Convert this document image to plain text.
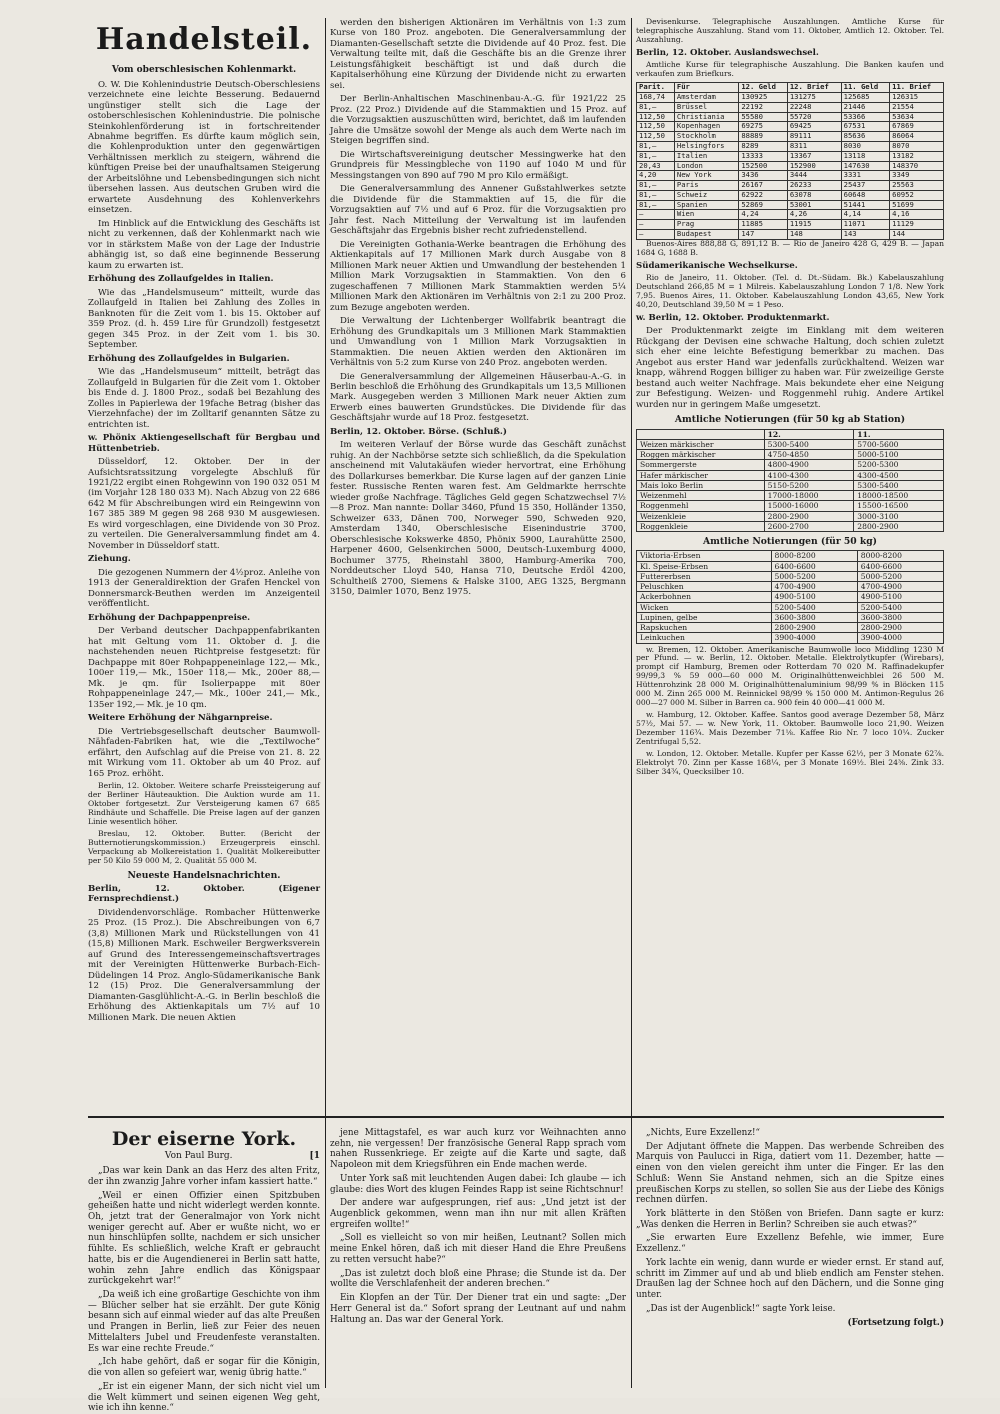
Handelsteil.
Vom oberschlesischen Kohlenmarkt.

O. W. Die Kohlenindustrie Deutsch-Oberschlesiens verzeichnete eine leichte Besserung. Bedauernd ungünstiger stellt sich die Lage der ostoberschlesischen Kohlenindustrie. Die polnische Steinkohlenförderung ist in fortschreitender Abnahme begriffen. Es dürfte kaum möglich sein, die Kohlenproduktion unter den gegenwärtigen Verhältnissen merklich zu steigern, während die künftigen Preise bei der unaufhaltsamen Steigerung der Arbeitslöhne und Lebensbedingungen sich nicht übersehen lassen. Aus deutschen Gruben wird die erwartete Ausdehnung des Kohlenverkehrs einsetzen.

Im Hinblick auf die Entwicklung des Geschäfts ist nicht zu verkennen, daß der Kohlenmarkt nach wie vor in stärkstem Maße von der Lage der Industrie abhängig ist, so daß eine beginnende Besserung kaum zu erwarten ist.

Erhöhung des Zollaufgeldes in Italien.

Wie das „Handelsmuseum“ mitteilt, wurde das Zollaufgeld in Italien bei Zahlung des Zolles in Banknoten für die Zeit vom 1. bis 15. Oktober auf 359 Proz. (d. h. 459 Lire für Grundzoll) festgesetzt gegen 345 Proz. in der Zeit vom 1. bis 30. September.

Erhöhung des Zollaufgeldes in Bulgarien.

Wie das „Handelsmuseum“ mitteilt, beträgt das Zollaufgeld in Bulgarien für die Zeit vom 1. Oktober bis Ende d. J. 1800 Proz., sodaß bei Bezahlung des Zolles in Papierlewa der 19fache Betrag (bisher das Vierzehnfache) der im Zolltarif genannten Sätze zu entrichten ist.

w. Phönix Aktiengesellschaft für Bergbau und Hüttenbetrieb.

Düsseldorf, 12. Oktober. Der in der Aufsichtsratssitzung vorgelegte Abschluß für 1921/22 ergibt einen Rohgewinn von 190 032 051 M (im Vorjahr 128 180 033 M). Nach Abzug von 22 686 642 M für Abschreibungen wird ein Reingewinn von 167 385 389 M gegen 98 268 930 M ausgewiesen. Es wird vorgeschlagen, eine Dividende von 30 Proz. zu verteilen. Die Generalversammlung findet am 4. November in Düsseldorf statt.

Ziehung.

Die gezogenen Nummern der 4½proz. Anleihe von 1913 der Generaldirektion der Grafen Henckel von Donnersmarck-Beuthen werden im Anzeigenteil veröffentlicht.

Erhöhung der Dachpappenpreise.

Der Verband deutscher Dachpappenfabrikanten hat mit Geltung vom 11. Oktober d. J. die nachstehenden neuen Richtpreise festgesetzt: für Dachpappe mit 80er Rohpappeneinlage 122,— Mk., 100er 119,— Mk., 150er 118,— Mk., 200er 88,— Mk. je qm. für Isolierpappe mit 80er Rohpappeneinlage 247,— Mk., 100er 241,— Mk., 135er 192,— Mk. je 10 qm.

Weitere Erhöhung der Nähgarnpreise.

Die Vertriebsgesellschaft deutscher Baumwoll-Nähfaden-Fabriken hat, wie die „Textilwoche“ erfährt, den Aufschlag auf die Preise von 21. 8. 22 mit Wirkung vom 11. Oktober ab um 40 Proz. auf 165 Proz. erhöht.

Berlin, 12. Oktober. Weitere scharfe Preissteigerung auf der Berliner Häuteauktion. Die Auktion wurde am 11. Oktober fortgesetzt. Zur Versteigerung kamen 67 685 Rindhäute und Schaffelle. Die Preise lagen auf der ganzen Linie wesentlich höher.

Breslau, 12. Oktober. Butter. (Bericht der Butternotierungskommission.) Erzeugerpreis einschl. Verpackung ab Molkereistation 1. Qualität Molkereibutter per 50 Kilo 59 000 M, 2. Qualität 55 000 M.

Neueste Handelsnachrichten.

Berlin, 12. Oktober. (Eigener Fernsprechdienst.)

Dividendenvorschläge. Rombacher Hüttenwerke 25 Proz. (15 Proz.). Die Abschreibungen von 6,7 (3,8) Millionen Mark und Rückstellungen von 41 (15,8) Millionen Mark. Eschweiler Bergwerksverein auf Grund des Interessengemeinschaftsvertrages mit der Vereinigten Hüttenwerke Burbach-Eich-Düdelingen 14 Proz. Anglo-Südamerikanische Bank 12 (15) Proz. Die Generalversammlung der Diamanten-Gasglühlicht-A.-G. in Berlin beschloß die Erhöhung des Aktienkapitals um 7½ auf 10 Millionen Mark. Die neuen Aktien

werden den bisherigen Aktionären im Verhältnis von 1:3 zum Kurse von 180 Proz. angeboten. Die Generalversammlung der Diamanten-Gesellschaft setzte die Dividende auf 40 Proz. fest. Die Verwaltung teilte mit, daß die Geschäfte bis an die Grenze ihrer Leistungsfähigkeit beschäftigt ist und daß durch die Kapitalserhöhung eine Kürzung der Dividende nicht zu erwarten sei.

Der Berlin-Anhaltischen Maschinenbau-A.-G. für 1921/22 25 Proz. (22 Proz.) Dividende auf die Stammaktien und 15 Proz. auf die Vorzugsaktien auszuschütten wird, berichtet, daß im laufenden Jahre die Umsätze sowohl der Menge als auch dem Werte nach im Steigen begriffen sind.

Die Wirtschaftsvereinigung deutscher Messingwerke hat den Grundpreis für Messingbleche von 1190 auf 1040 M und für Messingstangen von 890 auf 790 M pro Kilo ermäßigt.

Die Generalversammlung des Annener Gußstahlwerkes setzte die Dividende für die Stammaktien auf 15, die für die Vorzugsaktien auf 7½ und auf 6 Proz. für die Vorzugsaktien pro Jahr fest. Nach Mitteilung der Verwaltung ist im laufenden Geschäftsjahr das Ergebnis bisher recht zufriedenstellend.

Die Vereinigten Gothania-Werke beantragen die Erhöhung des Aktienkapitals auf 17 Millionen Mark durch Ausgabe von 8 Millionen Mark neuer Aktien und Umwandlung der bestehenden 1 Million Mark Vorzugsaktien in Stammaktien. Von den 6 zugeschaffenen 7 Millionen Mark Stammaktien werden 5¼ Millionen Mark den Aktionären im Verhältnis von 2:1 zu 200 Proz. zum Bezuge angeboten werden.

Die Verwaltung der Lichtenberger Wollfabrik beantragt die Erhöhung des Grundkapitals um 3 Millionen Mark Stammaktien und Umwandlung von 1 Million Mark Vorzugsaktien in Stammaktien. Die neuen Aktien werden den Aktionären im Verhältnis von 5:2 zum Kurse von 240 Proz. angeboten werden.

Die Generalversammlung der Allgemeinen Häuserbau-A.-G. in Berlin beschloß die Erhöhung des Grundkapitals um 13,5 Millionen Mark. Ausgegeben werden 3 Millionen Mark neuer Aktien zum Erwerb eines bauwerten Grundstückes. Die Dividende für das Geschäftsjahr wurde auf 18 Proz. festgesetzt.

Berlin, 12. Oktober. Börse. (Schluß.)

Im weiteren Verlauf der Börse wurde das Geschäft zunächst ruhig. An der Nachbörse setzte sich schließlich, da die Spekulation anscheinend mit Valutakäufen wieder hervortrat, eine Erhöhung des Dollarkurses bemerkbar. Die Kurse lagen auf der ganzen Linie fester. Russische Renten waren fest. Am Geldmarkte herrschte wieder große Nachfrage. Tägliches Geld gegen Schatzwechsel 7½—8 Proz. Man nannte: Dollar 3460, Pfund 15 350, Holländer 1350, Schweizer 633, Dänen 700, Norweger 590, Schweden 920, Amsterdam 1340, Oberschlesische Eisenindustrie 3700, Oberschlesische Kokswerke 4850, Phönix 5900, Laurahütte 2500, Harpener 4600, Gelsenkirchen 5000, Deutsch-Luxemburg 4000, Bochumer 3775, Rheinstahl 3800, Hamburg-Amerika 700, Norddeutscher Lloyd 540, Hansa 710, Deutsche Erdöl 4200, Schultheiß 2700, Siemens & Halske 3100, AEG 1325, Bergmann 3150, Daimler 1070, Benz 1975.

Devisenkurse. Telegraphische Auszahlungen. Amtliche Kurse für telegraphische Auszahlung. Stand vom 11. Oktober, Amtlich 12. Oktober. Tel. Auszahlung.

Berlin, 12. Oktober. Auslandswechsel.

Amtliche Kurse für telegraphische Auszahlung. Die Banken kaufen und verkaufen zum Briefkurs.

Parit.	Für	12. Geld	12. Brief	11. Geld	11. Brief
168,74	Amsterdam	130925	131275	125685	126315
81,—	Brüssel	22192	22248	21446	21554
112,50	Christiania	55580	55720	53366	53634
112,50	Kopenhagen	69275	69425	67531	67869
112,50	Stockholm	88889	89111	85636	86064
81,—	Helsingfors	8289	8311	8030	8070
81,—	Italien	13333	13367	13118	13182
20,43	London	152500	152900	147630	148370
4,20	New York	3436	3444	3331	3349
81,—	Paris	26167	26233	25437	25563
81,—	Schweiz	62922	63078	60648	60952
81,—	Spanien	52869	53001	51441	51699
—	Wien	4,24	4,26	4,14	4,16
—	Prag	11885	11915	11071	11129
—	Budapest	147	148	143	144

Buenos-Aires 888,88 G, 891,12 B. — Rio de Janeiro 428 G, 429 B. — Japan 1684 G, 1688 B.

Südamerikanische Wechselkurse.

Rio de Janeiro, 11. Oktober. (Tel. d. Dt.-Südam. Bk.) Kabelauszahlung Deutschland 266,85 M = 1 Milreis. Kabelauszahlung London 7 1/8. New York 7,95. Buenos Aires, 11. Oktober. Kabelauszahlung London 43,65, New York 40,20, Deutschland 39,50 M = 1 Peso.

w. Berlin, 12. Oktober. Produktenmarkt.

Der Produktenmarkt zeigte im Einklang mit dem weiteren Rückgang der Devisen eine schwache Haltung, doch schien zuletzt sich eher eine leichte Befestigung bemerkbar zu machen. Das Angebot aus erster Hand war jedenfalls zurückhaltend. Weizen war knapp, während Roggen billiger zu haben war. Für zweizeilige Gerste bestand auch weiter Nachfrage. Mais bekundete eher eine Neigung zur Befestigung. Weizen- und Roggenmehl ruhig. Andere Artikel wurden nur in geringem Maße umgesetzt.

Amtliche Notierungen (für 50 kg ab Station)
	12.	11.
Weizen märkischer	5300-5400	5700-5600
Roggen märkischer	4750-4850	5000-5100
Sommergerste	4800-4900	5200-5300
Hafer märkischer	4100-4300	4300-4500
Mais loko Berlin	5150-5200	5300-5400
Weizenmehl	17000-18000	18000-18500
Roggenmehl	15000-16000	15500-16500
Weizenkleie	2800-2900	3000-3100
Roggenkleie	2600-2700	2800-2900
Amtliche Notierungen (für 50 kg)
Viktoria-Erbsen	8000-8200	8000-8200
Kl. Speise-Erbsen	6400-6600	6400-6600
Futtererbsen	5000-5200	5000-5200
Peluschken	4700-4900	4700-4900
Ackerbohnen	4900-5100	4900-5100
Wicken	5200-5400	5200-5400
Lupinen, gelbe	3600-3800	3600-3800
Rapskuchen	2800-2900	2800-2900
Leinkuchen	3900-4000	3900-4000

w. Bremen, 12. Oktober. Amerikanische Baumwolle loco Middling 1230 M per Pfund. — w. Berlin, 12. Oktober. Metalle. Elektrolytkupfer (Wirebars), prompt cif Hamburg, Bremen oder Rotterdam 70 020 M. Raffinadekupfer 99/99,3 % 59 000—60 000 M. Originalhüttenweichblei 26 500 M. Hüttenrohzink 28 000 M. Originalhüttenaluminium 98/99 % in Blöcken 115 000 M. Zinn 265 000 M. Reinnickel 98/99 % 150 000 M. Antimon-Regulus 26 000—27 000 M. Silber in Barren ca. 900 fein 40 000—41 000 M.

w. Hamburg, 12. Oktober. Kaffee. Santos good average Dezember 58, März 57½, Mai 57. — w. New York, 11. Oktober. Baumwolle loco 21,90. Weizen Dezember 116¾. Mais Dezember 71⅛. Kaffee Rio Nr. 7 loco 10¼. Zucker Zentrifugal 5,52.

w. London, 12. Oktober. Metalle. Kupfer per Kasse 62½, per 3 Monate 62⅞. Elektrolyt 70. Zinn per Kasse 168¼, per 3 Monate 169½. Blei 24⅜. Zink 33. Silber 34¾, Quecksilber 10.

Der eiserne York.
Von Paul Burg.	[1

„Das war kein Dank an das Herz des alten Fritz, der ihn zwanzig Jahre vorher infam kassiert hatte.“

„Weil er einen Offizier einen Spitzbuben geheißen hatte und nicht widerlegt werden konnte. Oh, jetzt trat der Generalmajor von York nicht weniger gerecht auf. Aber er wußte nicht, wo er nun hinschlüpfen sollte, nachdem er sich unsicher fühlte. Es schließlich, welche Kraft er gebraucht hatte, bis er die Augendienerei in Berlin satt hatte, wohin zehn Jahre endlich das Königspaar zurückgekehrt war!“

„Da weiß ich eine großartige Geschichte von ihm — Blücher selber hat sie erzählt. Der gute König besann sich auf einmal wieder auf das alte Preußen und Prangen in Berlin, ließ zur Feier des neuen Mittelalters Jubel und Freudenfeste veranstalten. Es war eine rechte Freude.“

„Ich habe gehört, daß er sogar für die Königin, die von allen so gefeiert war, wenig übrig hatte.“

„Er ist ein eigener Mann, der sich nicht viel um die Welt kümmert und seinen eigenen Weg geht, wie ich ihn kenne.“

jene Mittagstafel, es war auch kurz vor Weihnachten anno zehn, nie vergessen! Der französische General Rapp sprach vom nahen Russenkriege. Er zeigte auf die Karte und sagte, daß Napoleon mit dem Kriegsführen ein Ende machen werde.

Unter York saß mit leuchtenden Augen dabei: Ich glaube — ich glaube: dies Wort des klugen Feindes Rapp ist seine Richtschnur!

Der andere war aufgesprungen, rief aus: „Und jetzt ist der Augenblick gekommen, wenn man ihn nur mit allen Kräften ergreifen wollte!“

„Soll es vielleicht so von mir heißen, Leutnant? Sollen mich meine Enkel hören, daß ich mit dieser Hand die Ehre Preußens zu retten versucht habe?“

„Das ist zuletzt doch bloß eine Phrase; die Stunde ist da. Der wollte die Verschlafenheit der anderen brechen.“

Ein Klopfen an der Tür. Der Diener trat ein und sagte: „Der Herr General ist da.“ Sofort sprang der Leutnant auf und nahm Haltung an. Das war der General York.

„Nichts, Eure Exzellenz!“

Der Adjutant öffnete die Mappen. Das werbende Schreiben des Marquis von Paulucci in Riga, datiert vom 11. Dezember, hatte — einen von den vielen gereicht ihm unter die Finger. Er las den Schluß: Wenn Sie Anstand nehmen, sich an die Spitze eines preußischen Korps zu stellen, so sollen Sie aus der Liebe des Königs rechnen dürfen.

York blätterte in den Stößen von Briefen. Dann sagte er kurz: „Was denken die Herren in Berlin? Schreiben sie auch etwas?“

„Sie erwarten Eure Exzellenz Befehle, wie immer, Eure Exzellenz.“

York lachte ein wenig, dann wurde er wieder ernst. Er stand auf, schritt im Zimmer auf und ab und blieb endlich am Fenster stehen. Draußen lag der Schnee hoch auf den Dächern, und die Sonne ging unter.

„Das ist der Augenblick!“ sagte York leise.

(Fortsetzung folgt.)
